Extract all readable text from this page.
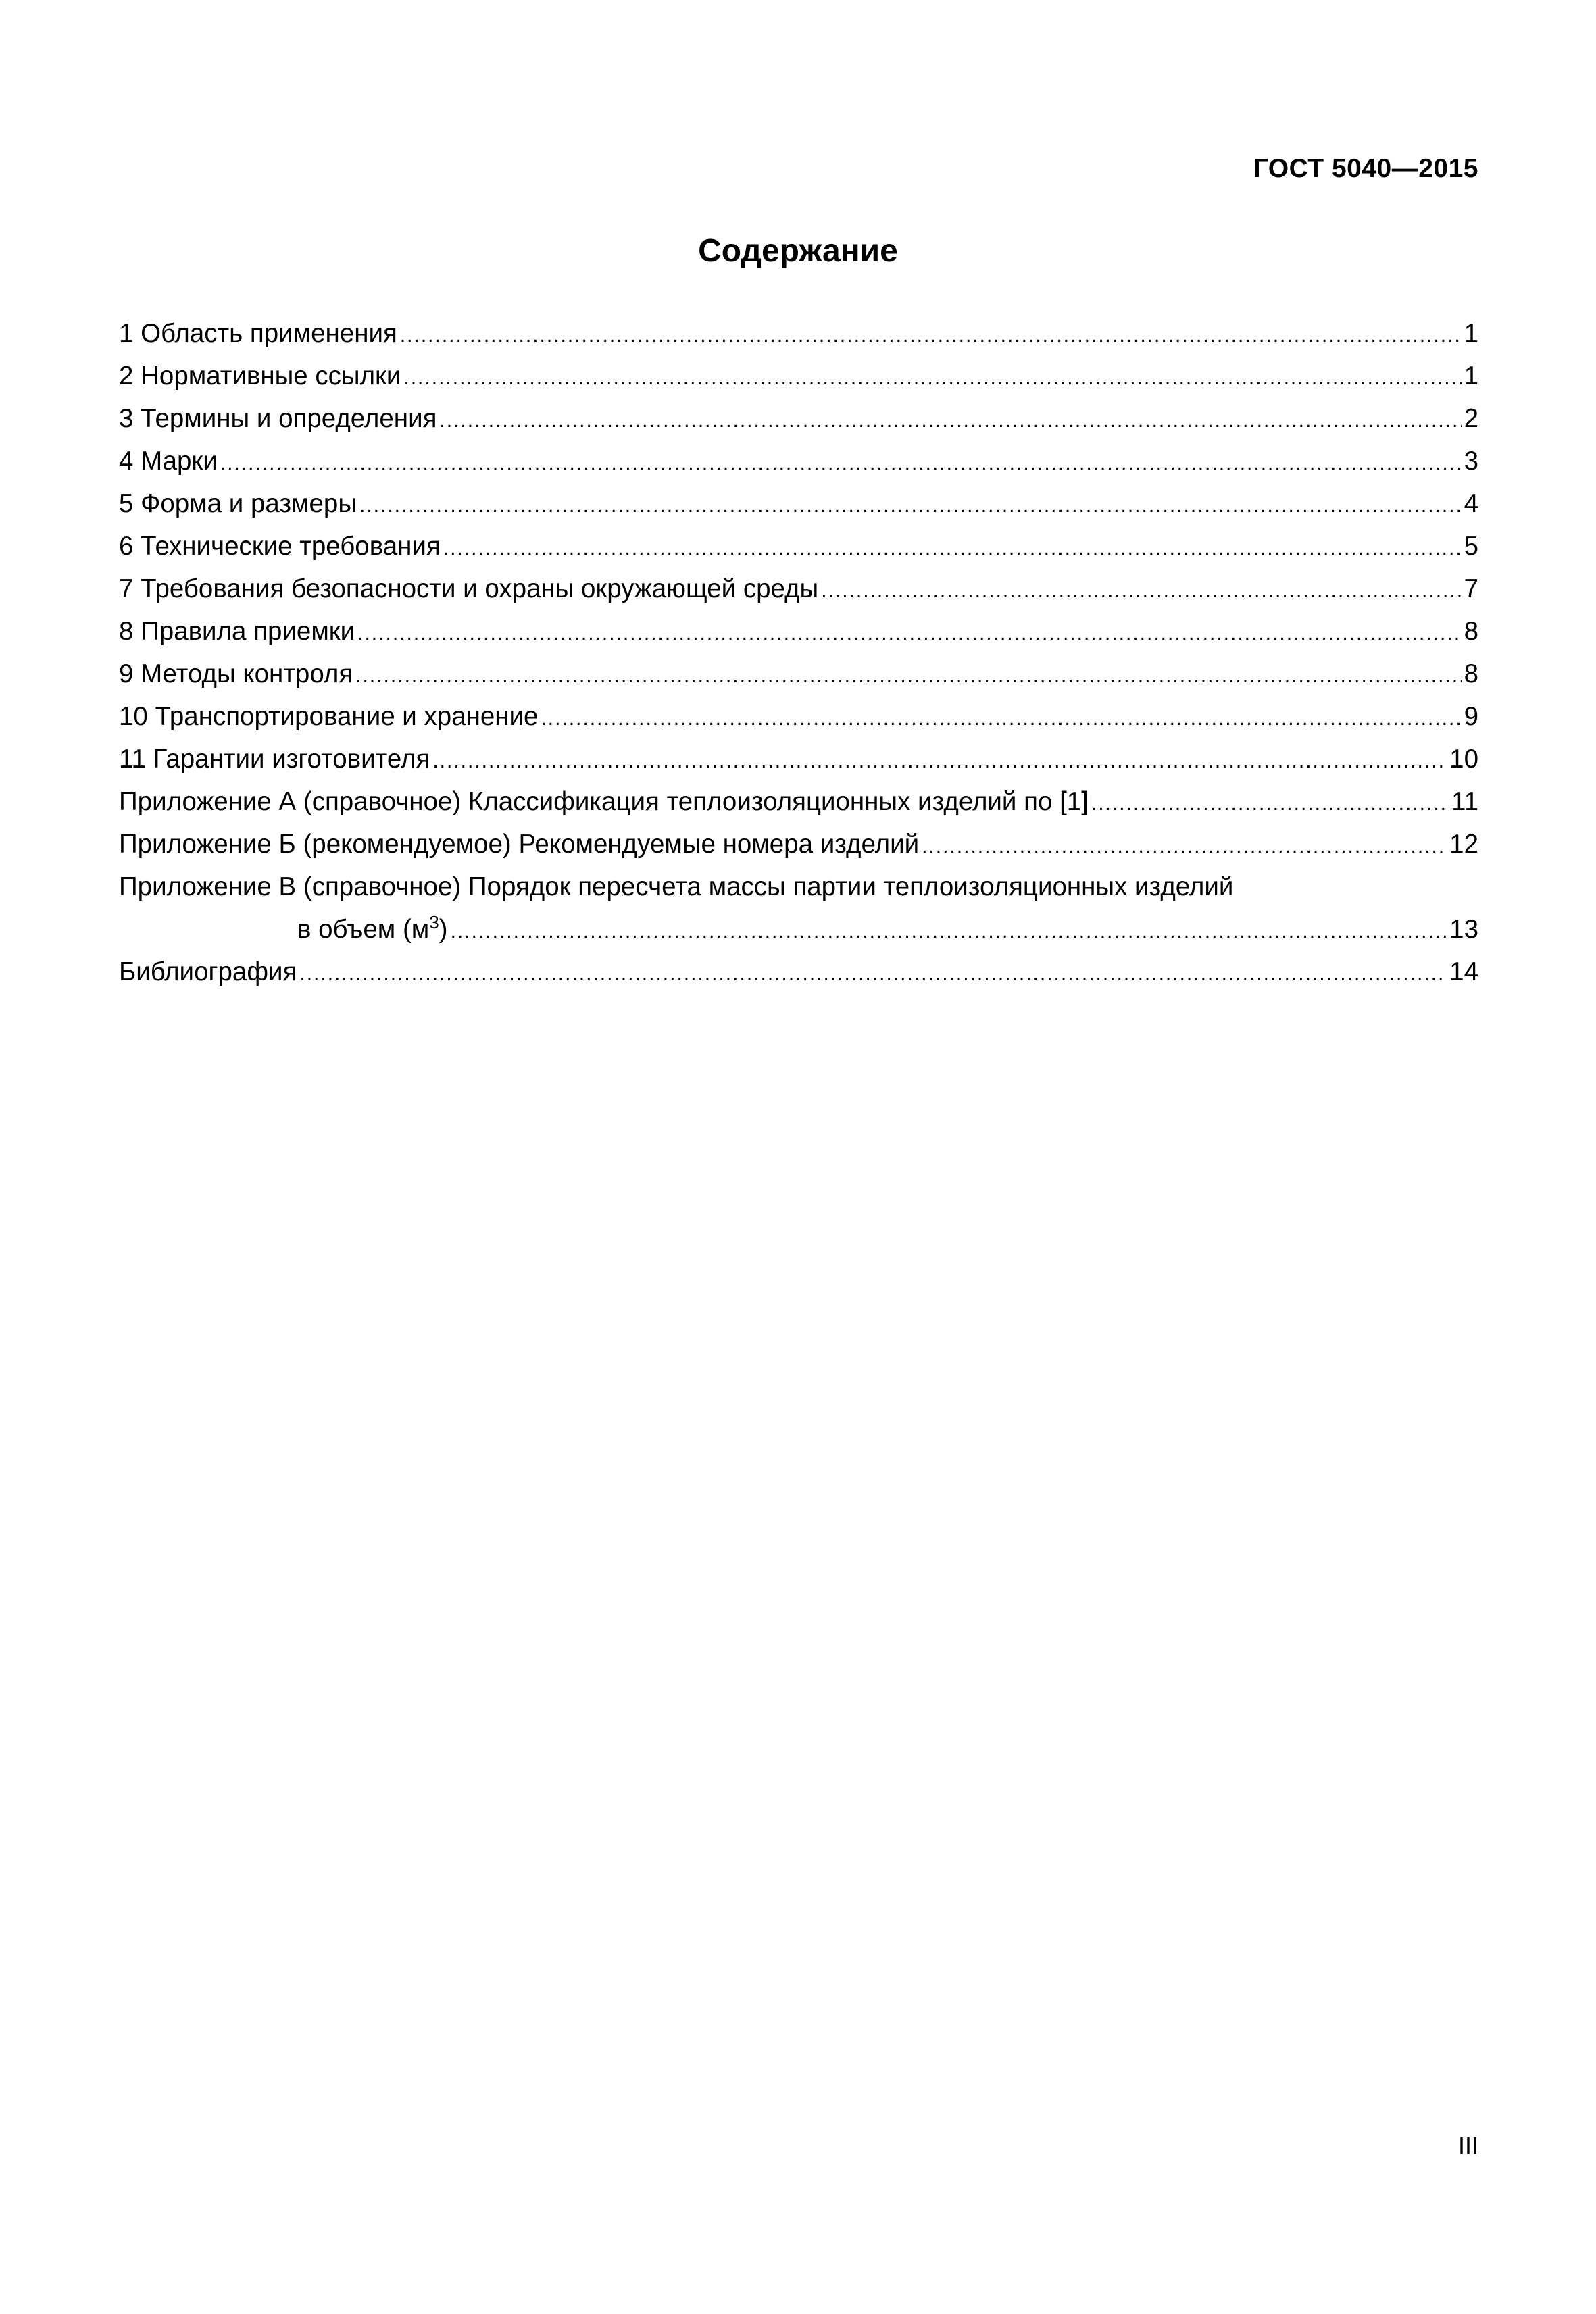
ГОСТ 5040—2015
Содержание
1 Область применения .....	1
2 Нормативные ссылки .....	1
3 Термины и определения .....	2
4 Марки .....	3
5 Форма и размеры .....	4
6 Технические требования .....	5
7 Требования безопасности и охраны окружающей среды .....	7
8 Правила приемки .....	8
9 Методы контроля .....	8
10 Транспортирование и хранение .....	9
11 Гарантии изготовителя .....	10
Приложение А (справочное) Классификация теплоизоляционных изделий по [1] .....	11
Приложение Б (рекомендуемое) Рекомендуемые номера изделий .....	12
Приложение В (справочное) Порядок пересчета массы партии теплоизоляционных изделий
в объем $(м^3)$ .....	13
Библиография .....	14
III
